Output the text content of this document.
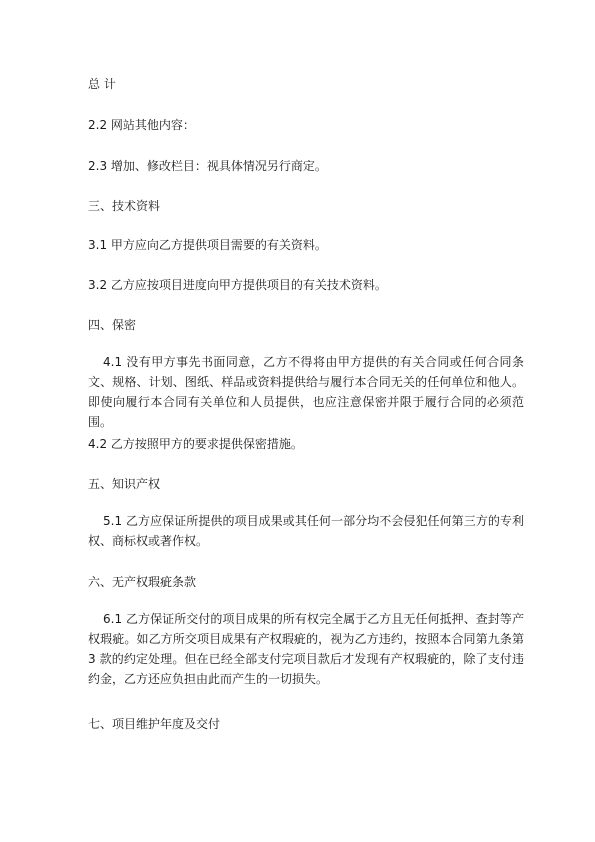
总 计
2.2 网站其他内容：
2.3 增加、修改栏目：视具体情况另行商定。
三、技术资料
3.1 甲方应向乙方提供项目需要的有关资料。
3.2 乙方应按项目进度向甲方提供项目的有关技术资料。
四、保密
4.1 没有甲方事先书面同意，乙方不得将由甲方提供的有关合同或任何合同条文、规格、计划、图纸、样品或资料提供给与履行本合同无关的任何单位和他人。即使向履行本合同有关单位和人员提供，也应注意保密并限于履行合同的必须范围。
4.2 乙方按照甲方的要求提供保密措施。
五、知识产权
5.1 乙方应保证所提供的项目成果或其任何一部分均不会侵犯任何第三方的专利权、商标权或著作权。
六、无产权瑕疵条款
6.1 乙方保证所交付的项目成果的所有权完全属于乙方且无任何抵押、查封等产权瑕疵。如乙方所交项目成果有产权瑕疵的，视为乙方违约，按照本合同第九条第 3 款的约定处理。但在已经全部支付完项目款后才发现有产权瑕疵的，除了支付违约金，乙方还应负担由此而产生的一切损失。
七、项目维护年度及交付
